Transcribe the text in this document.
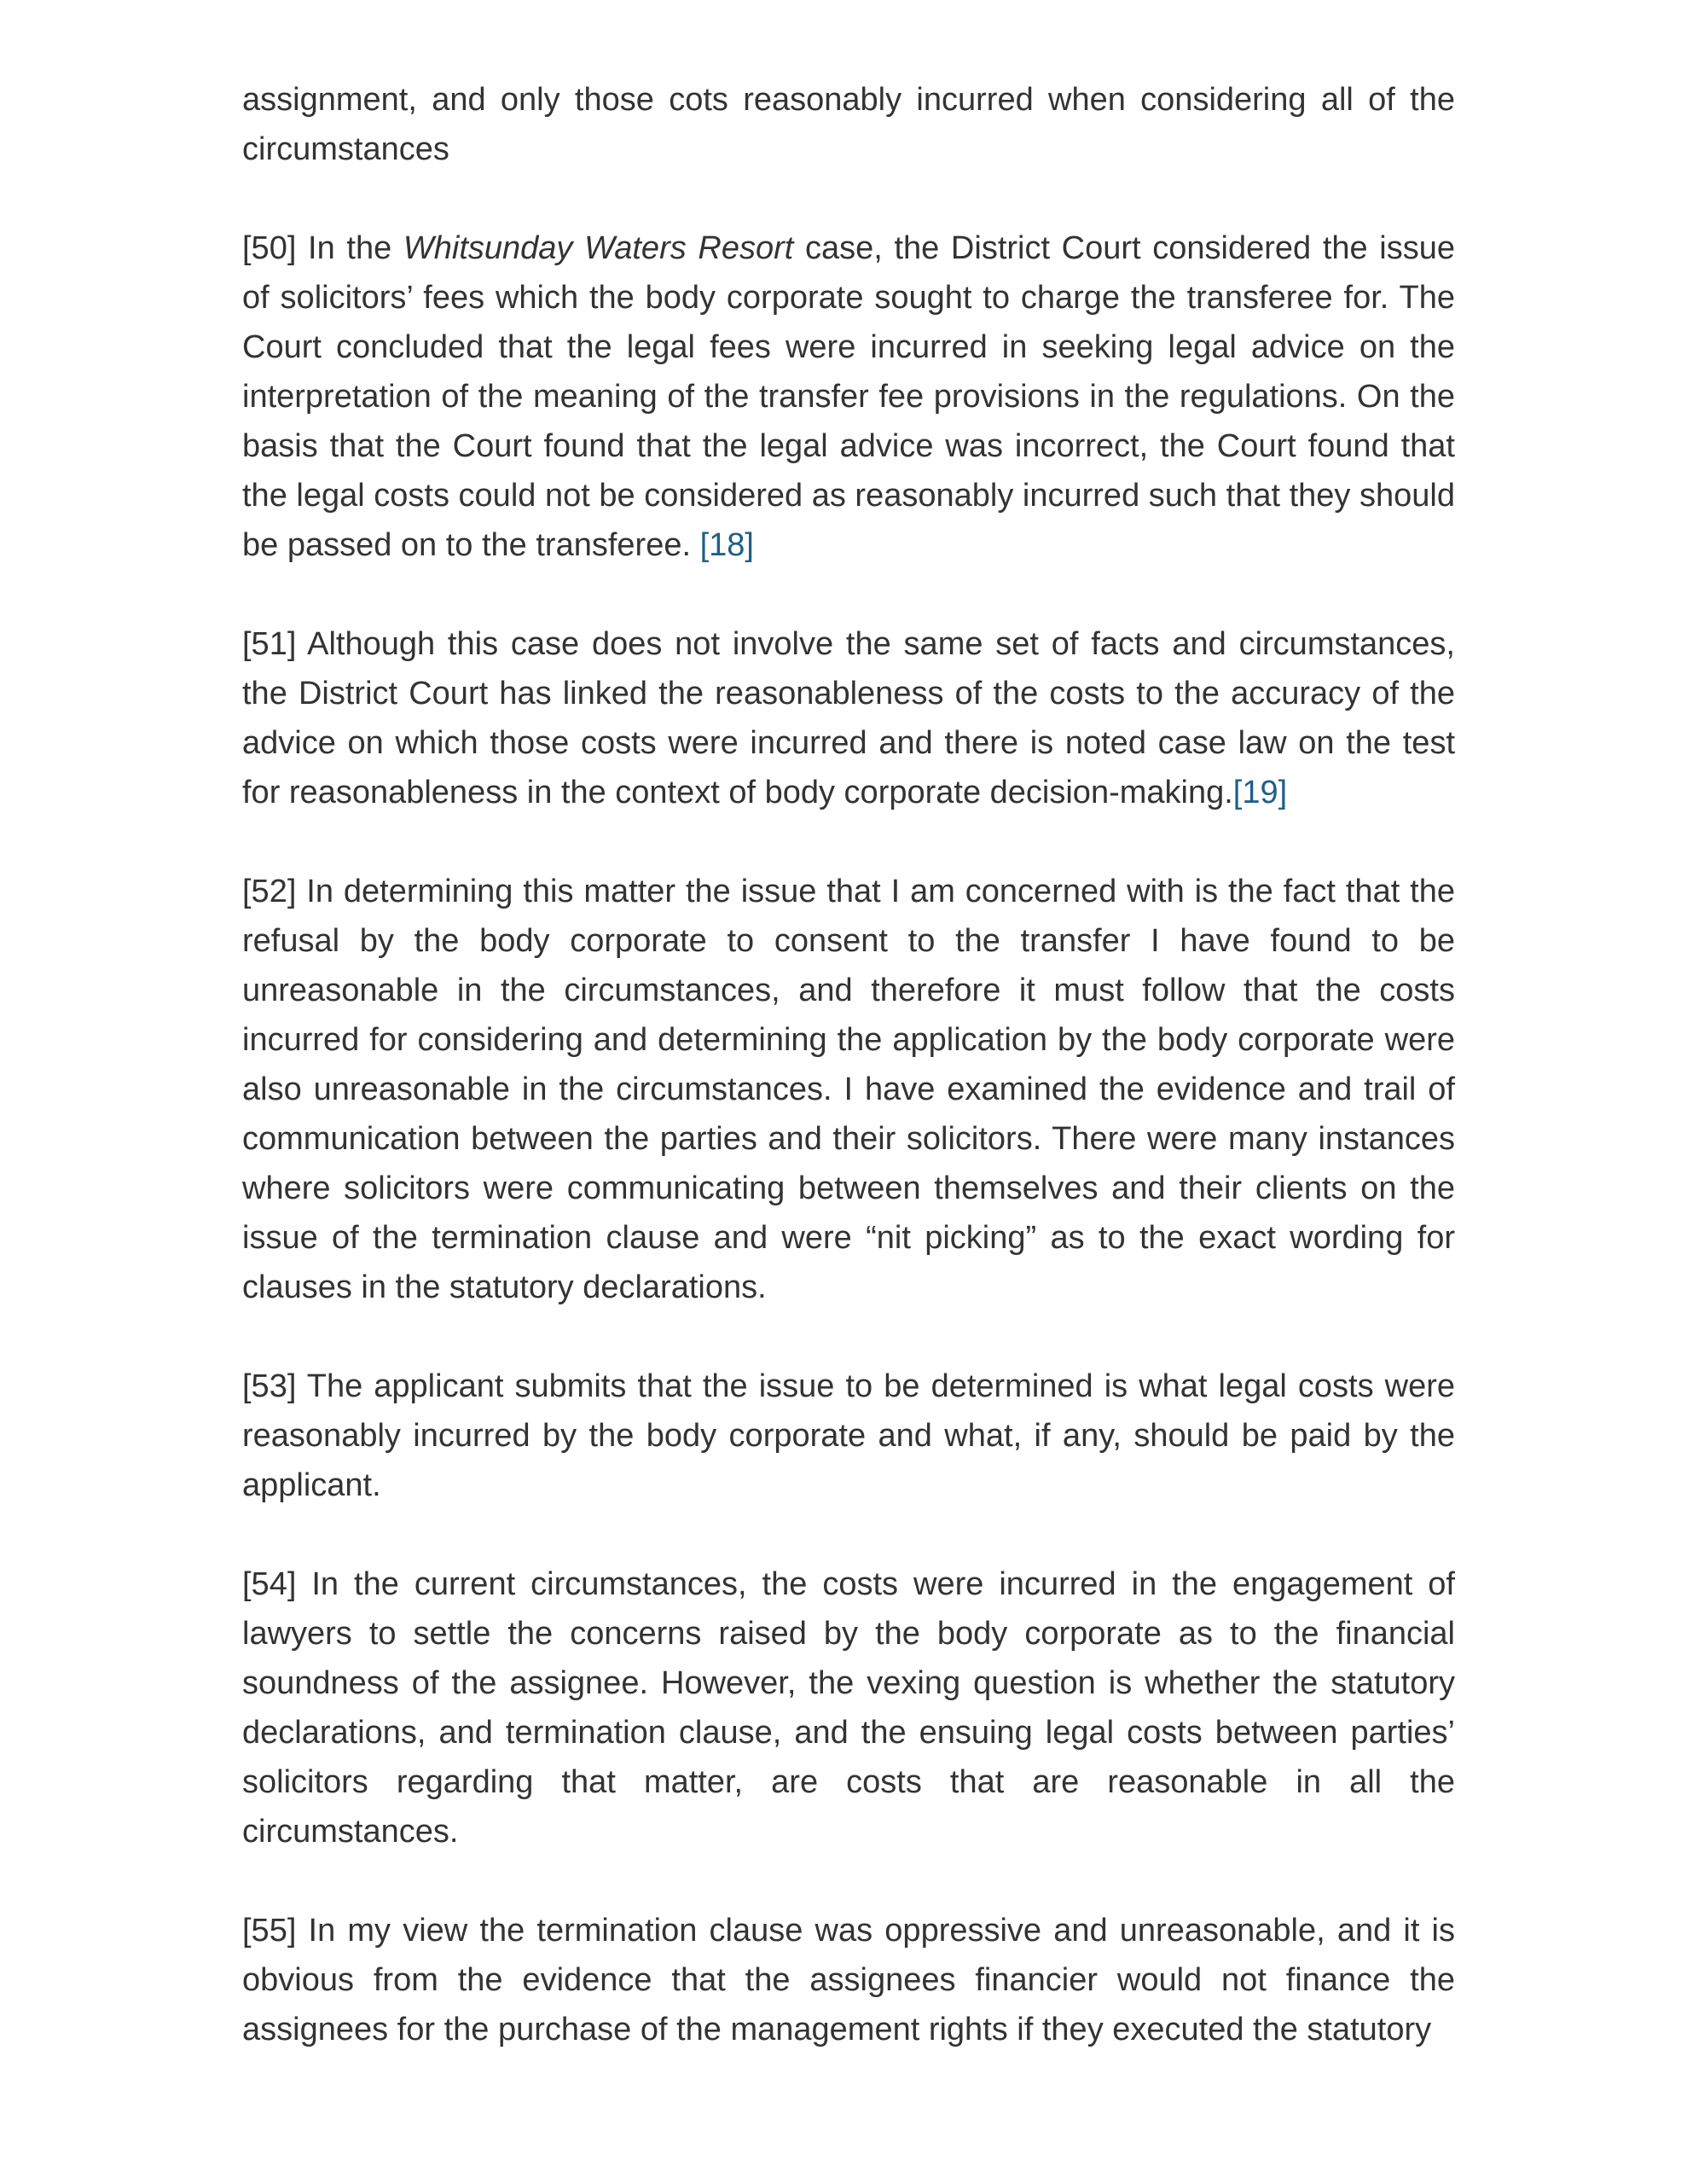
assignment, and only those cots reasonably incurred when considering all of the circumstances

[50] In the Whitsunday Waters Resort case, the District Court considered the issue of solicitors’ fees which the body corporate sought to charge the transferee for. The Court concluded that the legal fees were incurred in seeking legal advice on the interpretation of the meaning of the transfer fee provisions in the regulations. On the basis that the Court found that the legal advice was incorrect, the Court found that the legal costs could not be considered as reasonably incurred such that they should be passed on to the transferee. [18]

[51] Although this case does not involve the same set of facts and circumstances, the District Court has linked the reasonableness of the costs to the accuracy of the advice on which those costs were incurred and there is noted case law on the test for reasonableness in the context of body corporate decision-making.[19]

[52] In determining this matter the issue that I am concerned with is the fact that the refusal by the body corporate to consent to the transfer I have found to be unreasonable in the circumstances, and therefore it must follow that the costs incurred for considering and determining the application by the body corporate were also unreasonable in the circumstances. I have examined the evidence and trail of communication between the parties and their solicitors. There were many instances where solicitors were communicating between themselves and their clients on the issue of the termination clause and were “nit picking” as to the exact wording for clauses in the statutory declarations.

[53] The applicant submits that the issue to be determined is what legal costs were reasonably incurred by the body corporate and what, if any, should be paid by the applicant.

[54] In the current circumstances, the costs were incurred in the engagement of lawyers to settle the concerns raised by the body corporate as to the financial soundness of the assignee. However, the vexing question is whether the statutory declarations, and termination clause, and the ensuing legal costs between parties’ solicitors regarding that matter, are costs that are reasonable in all the circumstances.

[55] In my view the termination clause was oppressive and unreasonable, and it is obvious from the evidence that the assignees financier would not finance the assignees for the purchase of the management rights if they executed the statutory
